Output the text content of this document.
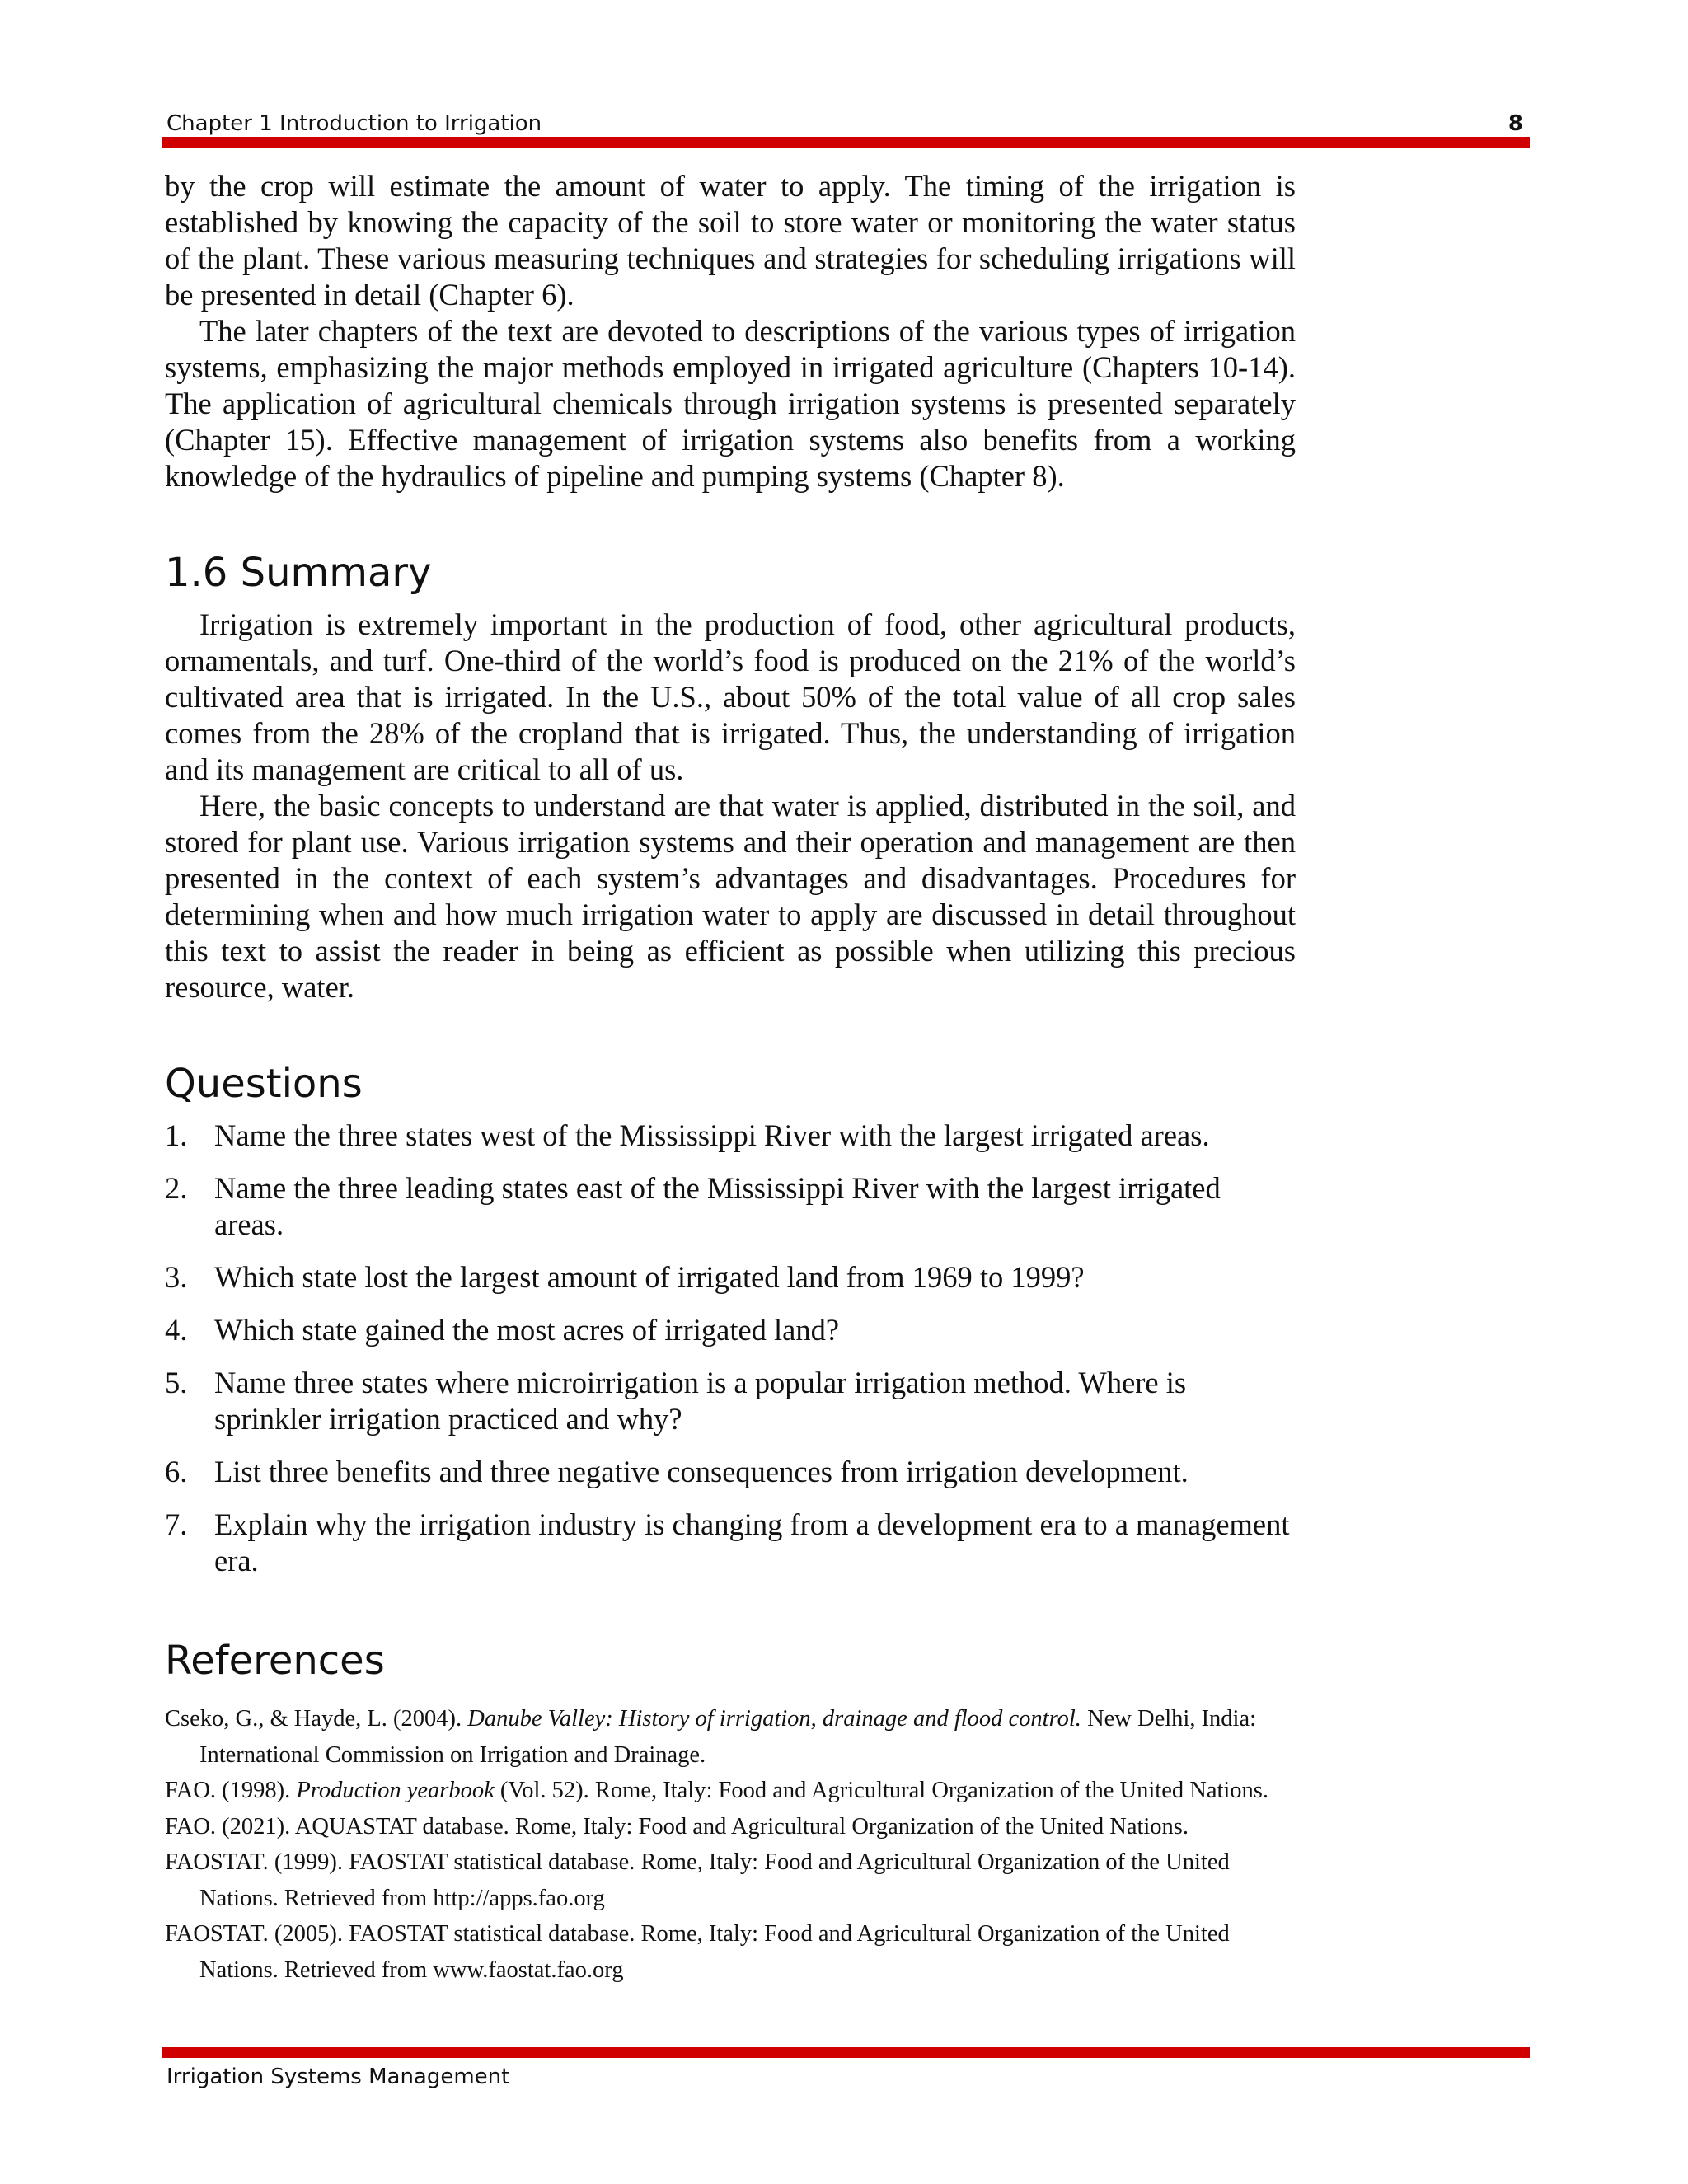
Chapter 1 Introduction to Irrigation	8

by the crop will estimate the amount of water to apply. The timing of the irrigation is established by knowing the capacity of the soil to store water or monitoring the water status of the plant. These various measuring techniques and strategies for scheduling irrigations will be presented in detail (Chapter 6).

The later chapters of the text are devoted to descriptions of the various types of irrigation systems, emphasizing the major methods employed in irrigated agriculture (Chapters 10-14). The application of agricultural chemicals through irrigation systems is presented separately (Chapter 15). Effective management of irrigation systems also benefits from a working knowledge of the hydraulics of pipeline and pumping systems (Chapter 8).

1.6 Summary

Irrigation is extremely important in the production of food, other agricultural products, ornamentals, and turf. One-third of the world’s food is produced on the 21% of the world’s cultivated area that is irrigated. In the U.S., about 50% of the total value of all crop sales comes from the 28% of the cropland that is irrigated. Thus, the understanding of irrigation and its management are critical to all of us.

Here, the basic concepts to understand are that water is applied, distributed in the soil, and stored for plant use. Various irrigation systems and their operation and management are then presented in the context of each system’s advantages and disadvantages. Procedures for determining when and how much irrigation water to apply are discussed in detail throughout this text to assist the reader in being as efficient as possible when utilizing this precious resource, water.

Questions
1. Name the three states west of the Mississippi River with the largest irrigated areas.
2. Name the three leading states east of the Mississippi River with the largest irrigated areas.
3. Which state lost the largest amount of irrigated land from 1969 to 1999?
4. Which state gained the most acres of irrigated land?
5. Name three states where microirrigation is a popular irrigation method. Where is sprinkler irrigation practiced and why?
6. List three benefits and three negative consequences from irrigation development.
7. Explain why the irrigation industry is changing from a development era to a management era.
References

Cseko, G., & Hayde, L. (2004). Danube Valley: History of irrigation, drainage and flood control. New Delhi, India: International Commission on Irrigation and Drainage.

FAO. (1998). Production yearbook (Vol. 52). Rome, Italy: Food and Agricultural Organization of the United Nations.

FAO. (2021). AQUASTAT database. Rome, Italy: Food and Agricultural Organization of the United Nations.

FAOSTAT. (1999). FAOSTAT statistical database. Rome, Italy: Food and Agricultural Organization of the United Nations. Retrieved from http://apps.fao.org

FAOSTAT. (2005). FAOSTAT statistical database. Rome, Italy: Food and Agricultural Organization of the United Nations. Retrieved from www.faostat.fao.org

Irrigation Systems Management
